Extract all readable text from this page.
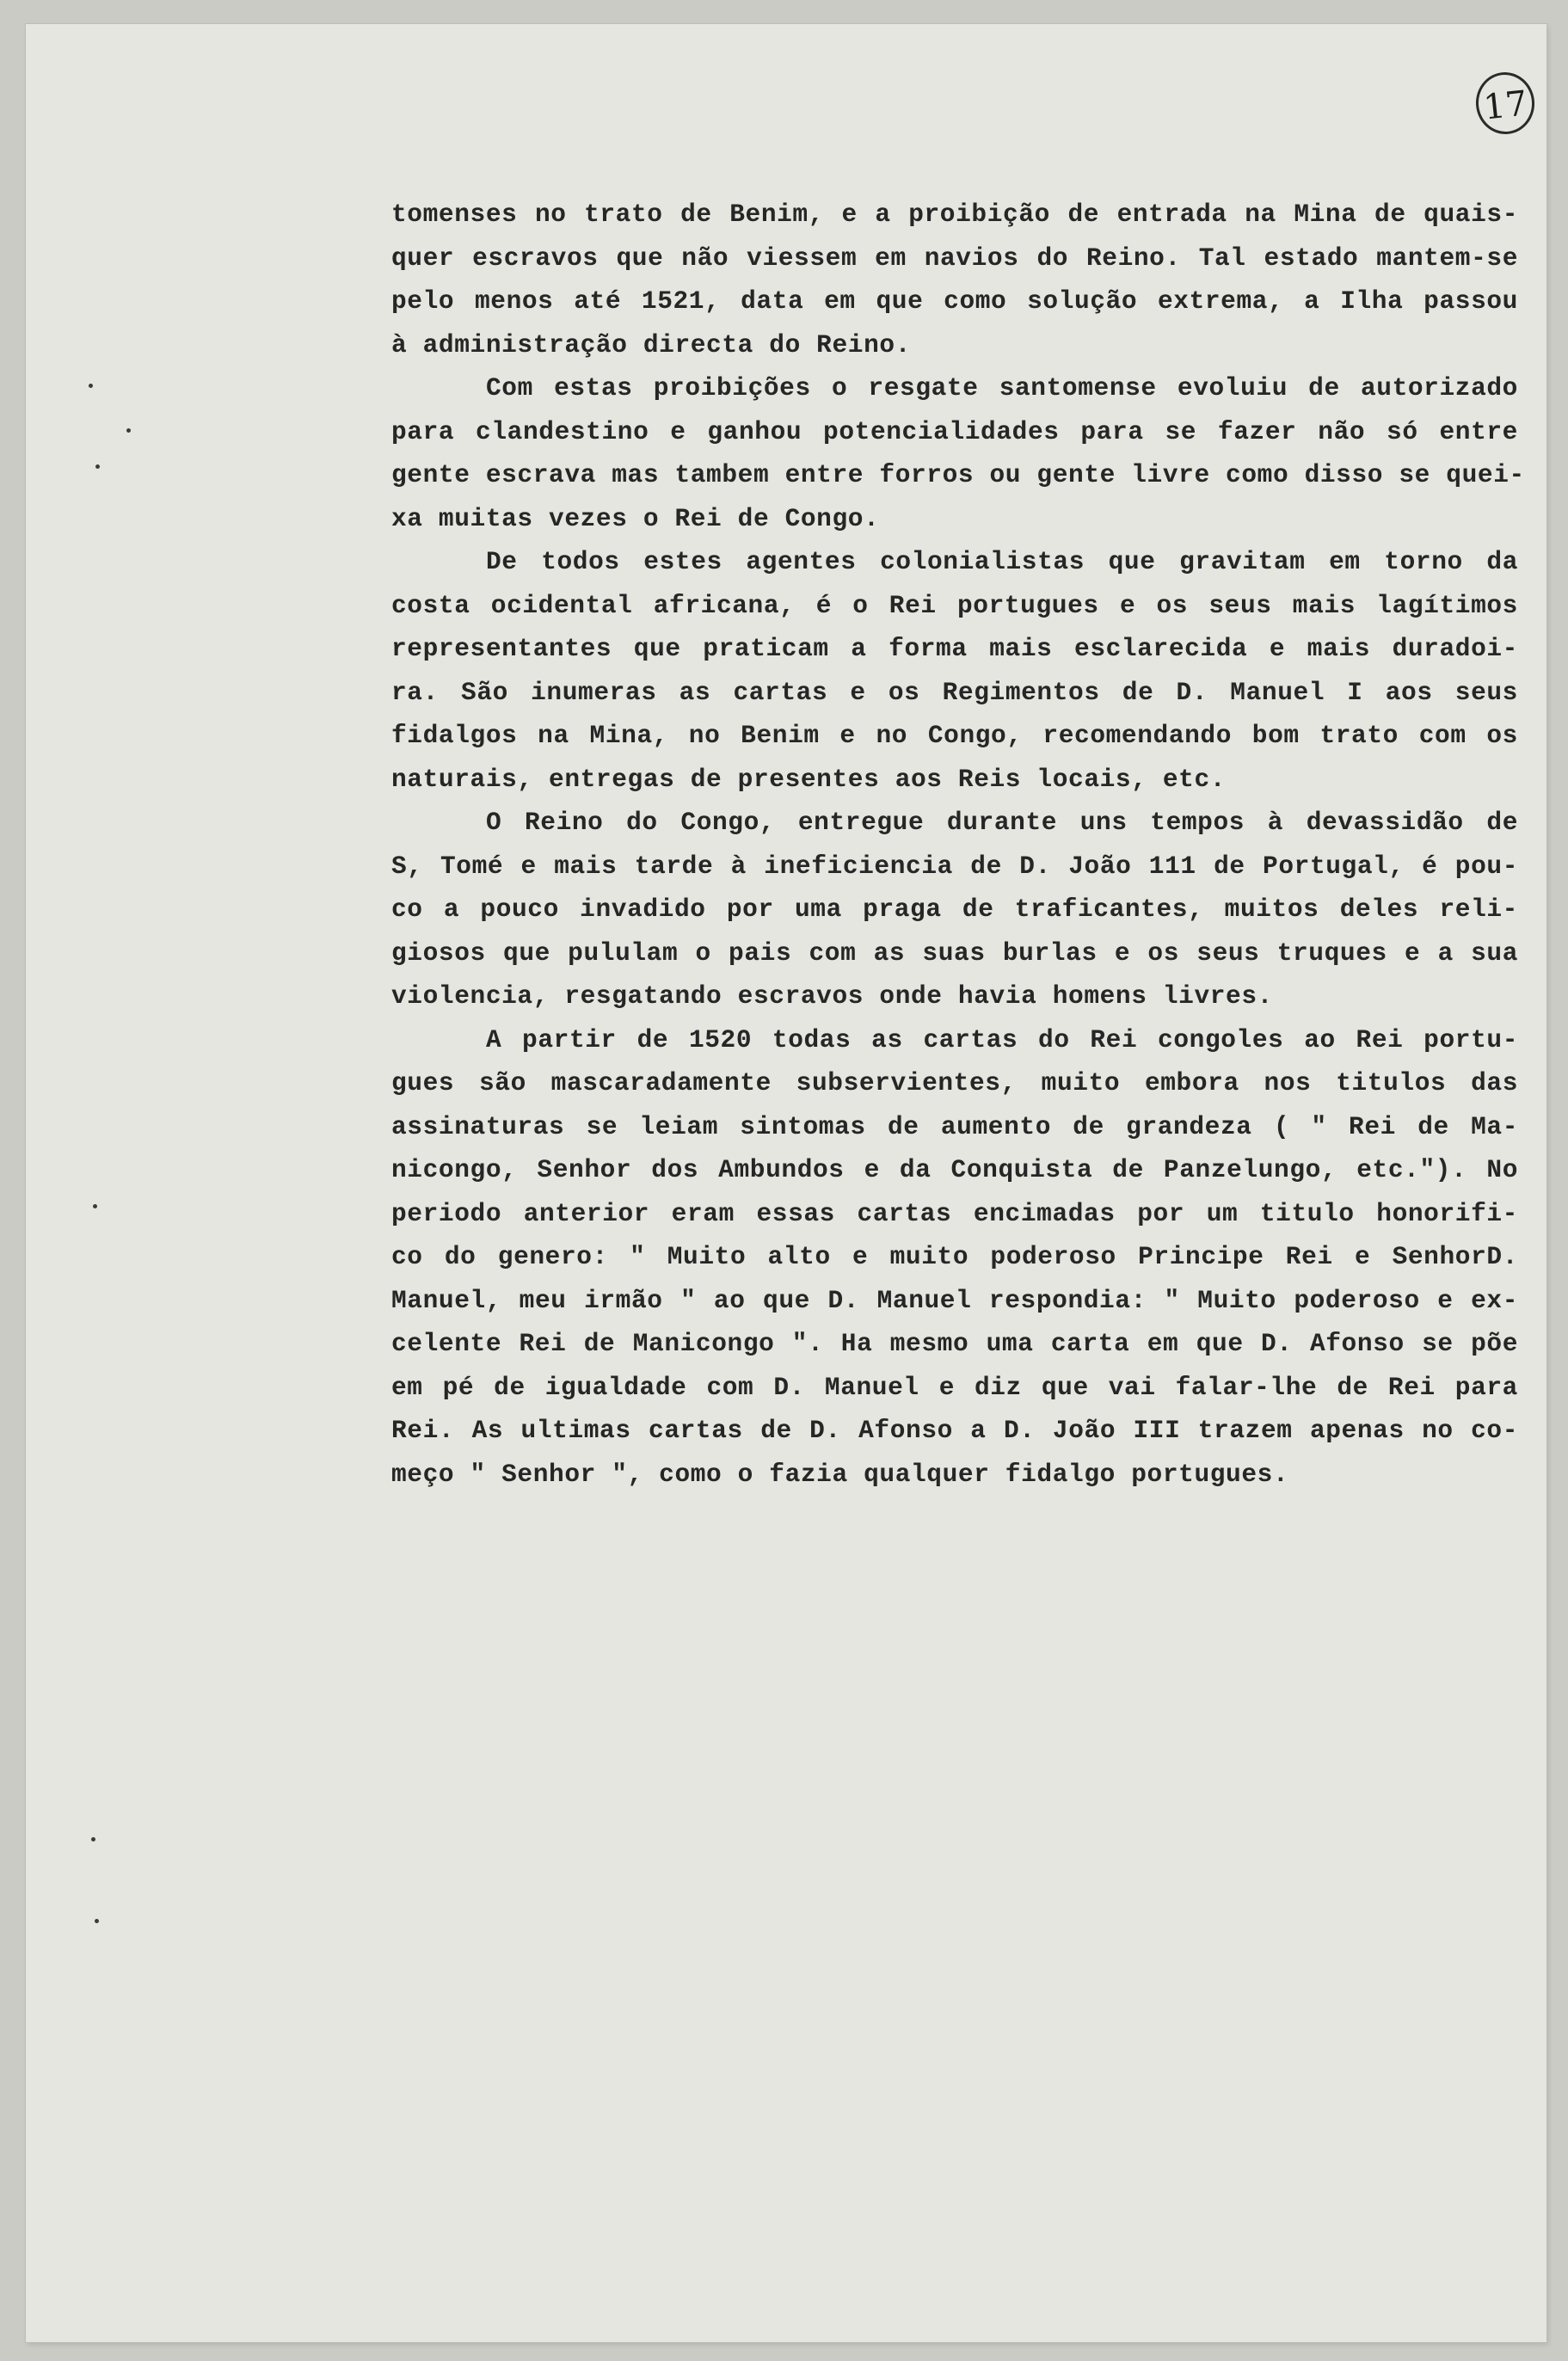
17
tomenses no trato de Benim, e a proibição de entrada na Mina de quais-
quer escravos que não viessem em navios do Reino. Tal estado mantem-se
pelo menos até 1521, data em que como solução extrema, a Ilha passou
à administração directa do Reino.
Com estas proibições o resgate santomense evoluiu de autorizado
para clandestino e ganhou potencialidades para se fazer não só entre
gente escrava mas tambem entre forros ou gente livre como disso se quei-
xa muitas vezes o Rei de Congo.
De todos estes agentes colonialistas que gravitam em torno da
costa ocidental africana, é o Rei portugues e os seus mais lagítimos
representantes que praticam a forma mais esclarecida e mais duradoi-
ra. São inumeras as cartas e os Regimentos de D. Manuel I aos seus
fidalgos na Mina, no Benim e no Congo, recomendando bom trato com os
naturais, entregas de presentes aos Reis locais, etc.
O Reino do Congo, entregue durante uns tempos à devassidão de
S, Tomé e mais tarde à ineficiencia de D. João 111 de Portugal, é pou-
co a pouco invadido por uma praga de traficantes, muitos deles reli-
giosos que pululam o pais com as suas burlas e os seus truques e a sua
violencia, resgatando escravos onde havia homens livres.
A partir de 1520 todas as cartas do Rei congoles ao Rei portu-
gues são mascaradamente subservientes, muito embora nos titulos das
assinaturas se leiam sintomas de aumento de grandeza ( " Rei de Ma-
nicongo, Senhor dos Ambundos e da Conquista de Panzelungo, etc."). No
periodo anterior eram essas cartas encimadas por um titulo honorifi-
co do genero: " Muito alto e muito poderoso Principe Rei e SenhorD.
Manuel, meu irmão " ao que D. Manuel respondia: " Muito poderoso e ex-
celente Rei de Manicongo ". Ha mesmo uma carta em que D. Afonso se põe
em pé de igualdade com D. Manuel e diz que vai falar-lhe de Rei para
Rei. As ultimas cartas de D. Afonso a D. João III trazem apenas no co-
meço " Senhor ", como o fazia qualquer fidalgo portugues.
